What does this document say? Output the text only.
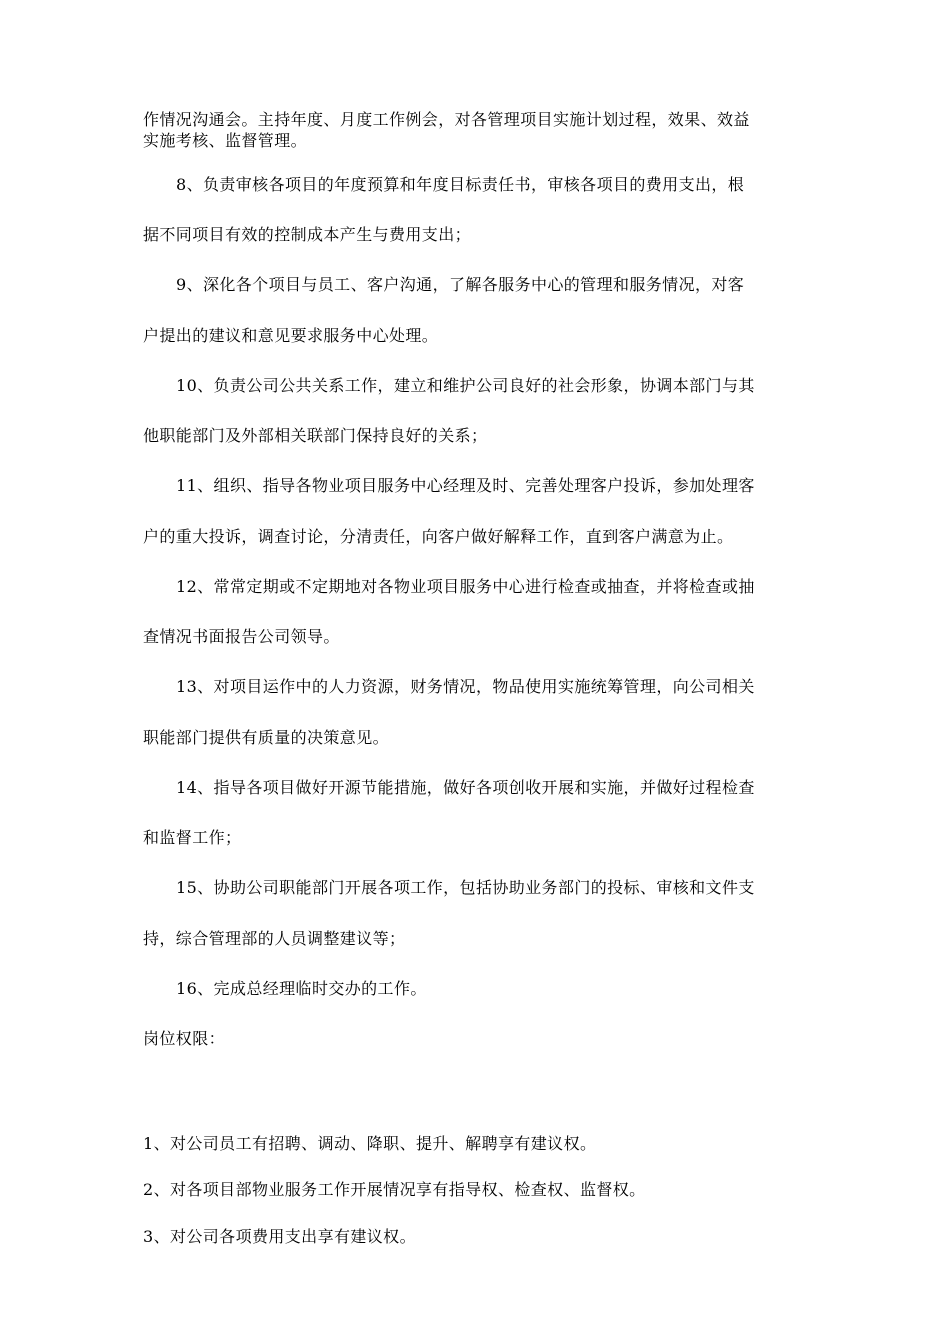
作情况沟通会。主持年度、月度工作例会，对各管理项目实施计划过程，效果、效益
实施考核、监督管理。
8、负责审核各项目的年度预算和年度目标责任书，审核各项目的费用支出，根
据不同项目有效的控制成本产生与费用支出；
9、深化各个项目与员工、客户沟通，了解各服务中心的管理和服务情况，对客
户提出的建议和意见要求服务中心处理。
10、负责公司公共关系工作，建立和维护公司良好的社会形象，协调本部门与其
他职能部门及外部相关联部门保持良好的关系；
11、组织、指导各物业项目服务中心经理及时、完善处理客户投诉，参加处理客
户的重大投诉，调查讨论，分清责任，向客户做好解释工作，直到客户满意为止。
12、常常定期或不定期地对各物业项目服务中心进行检查或抽查，并将检查或抽
查情况书面报告公司领导。
13、对项目运作中的人力资源，财务情况，物品使用实施统筹管理，向公司相关
职能部门提供有质量的决策意见。
14、指导各项目做好开源节能措施，做好各项创收开展和实施，并做好过程检查
和监督工作；
15、协助公司职能部门开展各项工作，包括协助业务部门的投标、审核和文件支
持，综合管理部的人员调整建议等；
16、完成总经理临时交办的工作。
岗位权限：
1、对公司员工有招聘、调动、降职、提升、解聘享有建议权。
2、对各项目部物业服务工作开展情况享有指导权、检查权、监督权。
3、对公司各项费用支出享有建议权。
